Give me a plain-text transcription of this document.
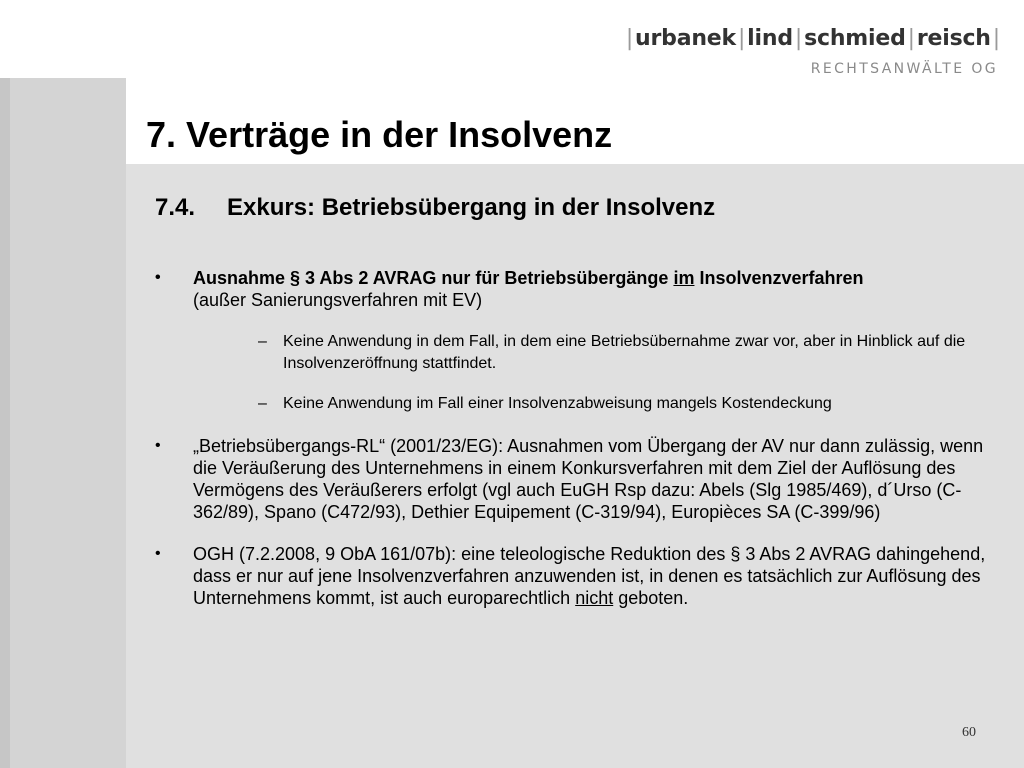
|urbanek|lind|schmied|reisch|
RECHTSANWÄLTE OG
7. Verträge in der Insolvenz
7.4. Exkurs: Betriebsübergang in der Insolvenz
• Ausnahme § 3 Abs 2 AVRAG nur für Betriebsübergänge im Insolvenzverfahren
(außer Sanierungsverfahren mit EV)
– Keine Anwendung in dem Fall, in dem eine Betriebsübernahme zwar vor, aber in Hinblick auf die Insolvenzeröffnung stattfindet.
– Keine Anwendung im Fall einer Insolvenzabweisung mangels Kostendeckung
• „Betriebsübergangs-RL“ (2001/23/EG): Ausnahmen vom Übergang der AV nur dann zulässig, wenn die Veräußerung des Unternehmens in einem Konkursverfahren mit dem Ziel der Auflösung des Vermögens des Veräußerers erfolgt (vgl auch EuGH Rsp dazu: Abels (Slg 1985/469), d´Urso (C-362/89), Spano (C472/93), Dethier Equipement (C-319/94), Europièces SA (C-399/96)
• OGH (7.2.2008, 9 ObA 161/07b): eine teleologische Reduktion des § 3 Abs 2 AVRAG dahingehend, dass er nur auf jene Insolvenzverfahren anzuwenden ist, in denen es tatsächlich zur Auflösung des Unternehmens kommt, ist auch europarechtlich nicht geboten.
60
